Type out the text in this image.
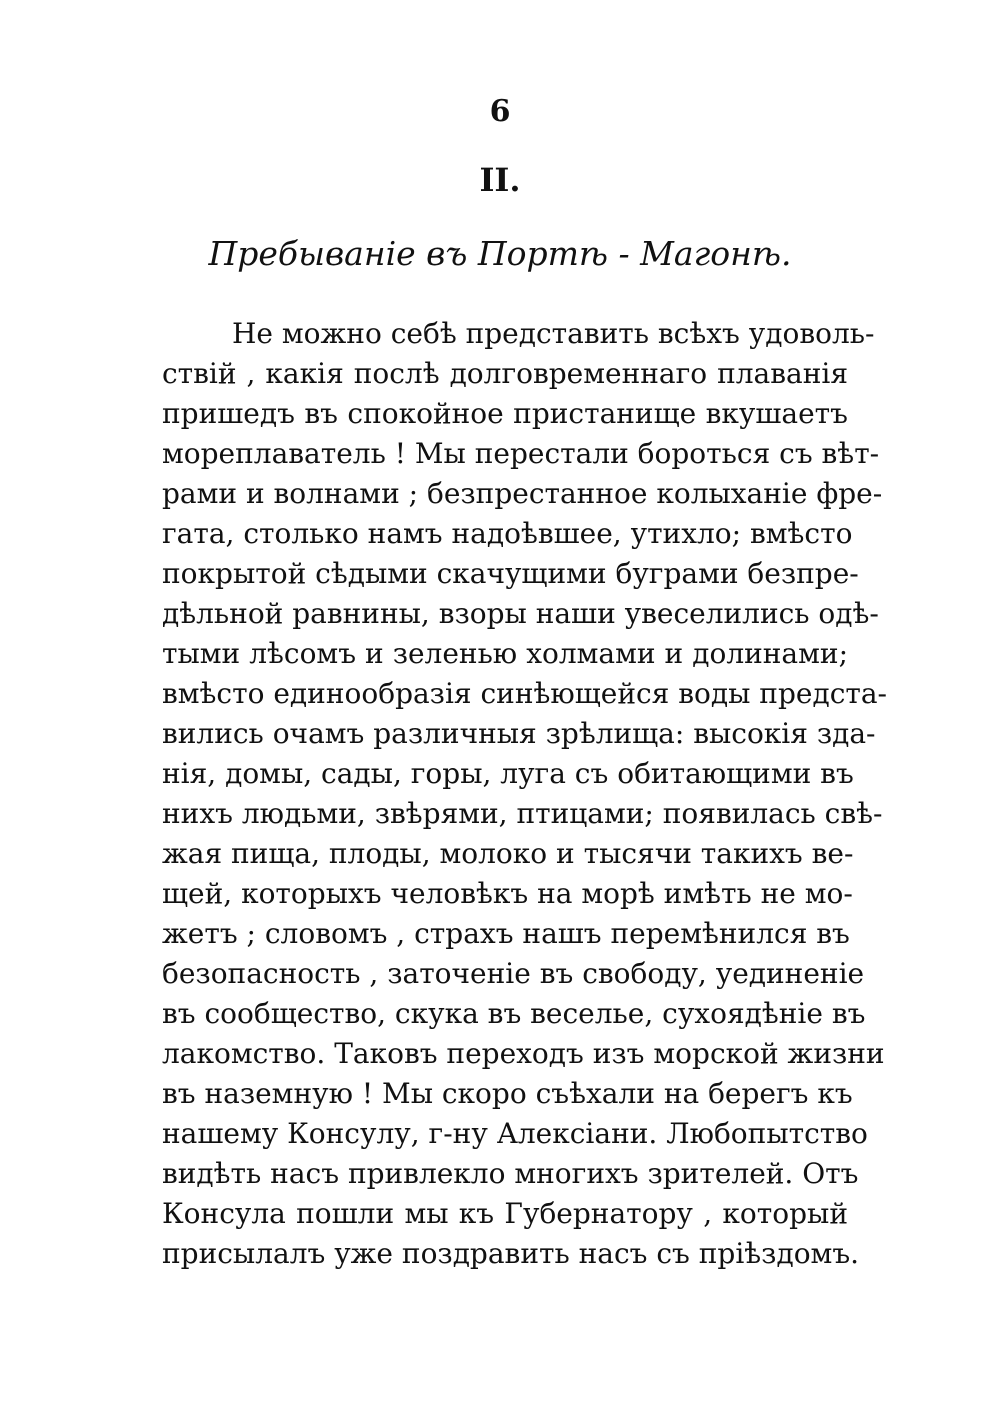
6
II.
Пребыванiе въ Портѣ - Магонѣ.
Не можно себѣ представить всѣхъ удоволь-
ствiй , какiя послѣ долговременнаго плаванiя
пришедъ въ спокойное пристанище вкушаетъ
мореплаватель ! Мы перестали бороться съ вѣт-
рами и волнами ; безпрестанное колыханiе фре-
гата, столько намъ надоѣвшее, утихло; вмѣсто
покрытой сѣдыми скачущими буграми безпре-
дѣльной равнины, взоры наши увеселились одѣ-
тыми лѣсомъ и зеленью холмами и долинами;
вмѣсто единообразiя синѣющейся воды предста-
вились очамъ различныя зрѣлища: высокiя зда-
нiя, домы, сады, горы, луга съ обитающими въ
нихъ людьми, звѣрями, птицами; появилась свѣ-
жая пища, плоды, молоко и тысячи такихъ ве-
щей, которыхъ человѣкъ на морѣ имѣть не мо-
жетъ ; словомъ , страхъ нашъ перемѣнился въ
безопасность , заточенiе въ свободу, уединенiе
въ сообщество, скука въ веселье, сухоядѣнiе въ
лакомство. Таковъ переходъ изъ морской жизни
въ наземную ! Мы скоро съѣхали на берегъ къ
нашему Консулу, г-ну Алексiани. Любопытство
видѣть насъ привлекло многихъ зрителей. Отъ
Консула пошли мы къ Губернатору , который
присылалъ уже поздравить насъ съ прiѣздомъ.
